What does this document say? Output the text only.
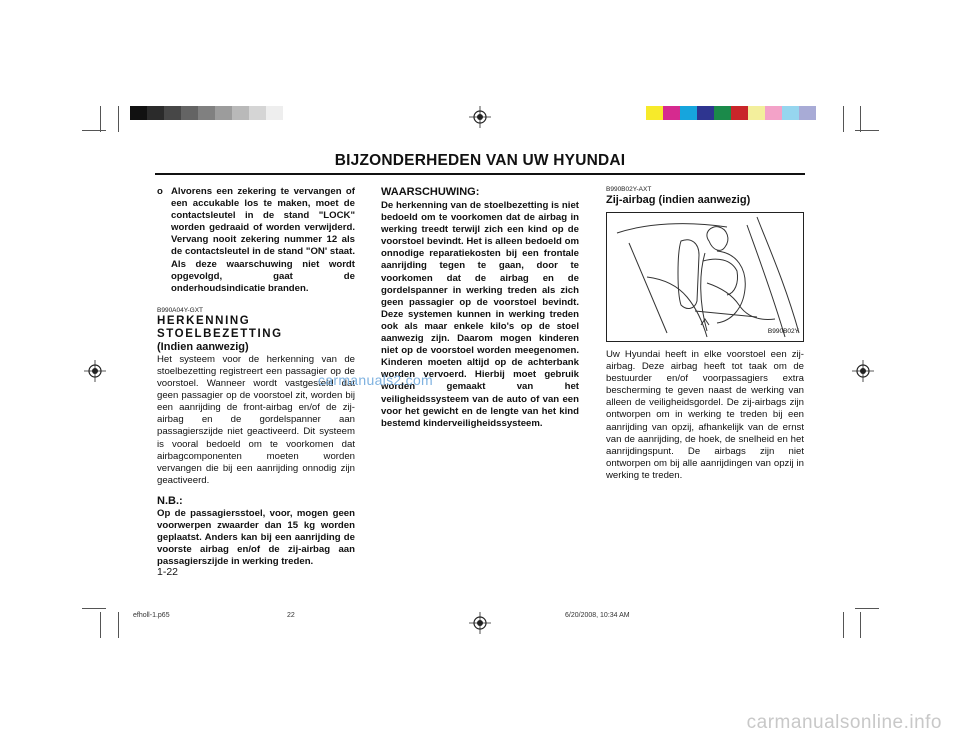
BIJZONDERHEDEN VAN UW HYUNDAI
o Alvorens een zekering te vervangen of een accukable los te maken, moet de contactsleutel in de stand "LOCK" worden gedraaid of worden verwijderd. Vervang nooit zekering nummer 12 als de contactsleutel in de stand "ON' staat. Als deze waarschuwing niet wordt opgevolgd, gaat de onderhoudsindicatie branden.
B990A04Y-GXT
HERKENNING STOELBEZETTING
(Indien aanwezig)

Het systeem voor de herkenning van de stoelbezetting registreert een passagier op de voorstoel. Wanneer wordt vastgesteld dat geen passagier op de voorstoel zit, worden bij een aanrijding de front-airbag en/of de zij-airbag en de gordelspanner aan passagierszijde niet geactiveerd. Dit systeem is vooral bedoeld om te voorkomen dat airbagcomponenten moeten worden vervangen die bij een aanrijding onnodig zijn geactiveerd.

N.B.:

Op de passagiersstoel, voor, mogen geen voorwerpen zwaarder dan 15 kg worden geplaatst. Anders kan bij een aanrijding de voorste airbag en/of de zij-airbag aan passagierszijde in werking treden.

WAARSCHUWING:

De herkenning van de stoelbezetting is niet bedoeld om te voorkomen dat de airbag in werking treedt terwijl zich een kind op de voorstoel bevindt. Het is alleen bedoeld om onnodige reparatiekosten bij een frontale aanrijding tegen te gaan, door te voorkomen dat de airbag en de gordelspanner in werking treden als zich geen passagier op de voorstoel bevindt. Deze systemen kunnen in werking treden ook als maar enkele kilo's op de stoel aanwezig zijn. Daarom mogen kinderen niet op de voorstoel worden meegenomen. Kinderen moeten altijd op de achterbank worden vervoerd. Hierbij moet gebruik worden gemaakt van het veiligheidssysteem van de auto of van een voor het gewicht en de lengte van het kind bestemd kinderveiligheidssysteem.

B990B02Y-AXT
Zij-airbag (indien aanwezig)
B990B02Y

Uw Hyundai heeft in elke voorstoel een zij-airbag. Deze airbag heeft tot taak om de bestuurder en/of voorpassagiers extra bescherming te geven naast de werking van alleen de veiligheidsgordel. De zij-airbags zijn ontworpen om in werking te treden bij een aanrijding van opzij, afhankelijk van de ernst van de aanrijding, de hoek, de snelheid en het aanrijdingspunt. De airbags zijn niet ontworpen om bij alle aanrijdingen van opzij in werking te treden.

carmanuals2.com
1-22
efholl-1.p65	22	6/20/2008, 10:34 AM
carmanualsonline.info
